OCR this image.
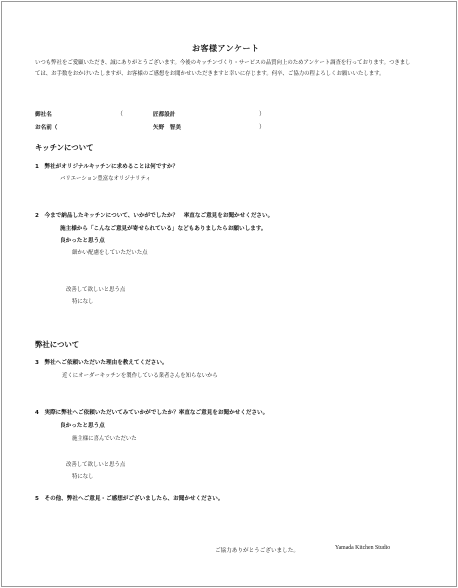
お客様アンケート
いつも弊社をご愛顧いただき、誠にありがとうございます。今後のキッチンづくり・サービスの品質向上のためアンケート調査を行っております。つきましては、お手数をおかけいたしますが、お客様のご感想をお聞かせいただきますと幸いに存じます。何卒、ご協力の程よろしくお願いいたします。
御社名	（	匠都設計	）
お名前（	矢野　智美	）
キッチンについて
1　弊社がオリジナルキッチンに求めることは何ですか？
バリエーション豊富なオリジナリティ
2　今まで納品したキッチンについて、いかがでしたか？　率直なご意見をお聞かせください。
施主様から「こんなご意見が寄せられている」などもありましたらお願いします。
良かったと思う点
細かい配慮をしていただいた点
改善して欲しいと思う点
特になし
弊社について
3　弊社へご依頼いただいた理由を教えてください。
近くにオーダーキッチンを製作している業者さんを知らないから
4　実際に弊社へご依頼いただいてみていかがでしたか？率直なご意見をお聞かせください。
良かったと思う点
施主様に喜んでいただいた
改善して欲しいと思う点
特になし
5　その他、弊社へご意見・ご感想がございましたら、お聞かせください。
ご協力ありがとうございました。	Yamada Kitchen Studio
